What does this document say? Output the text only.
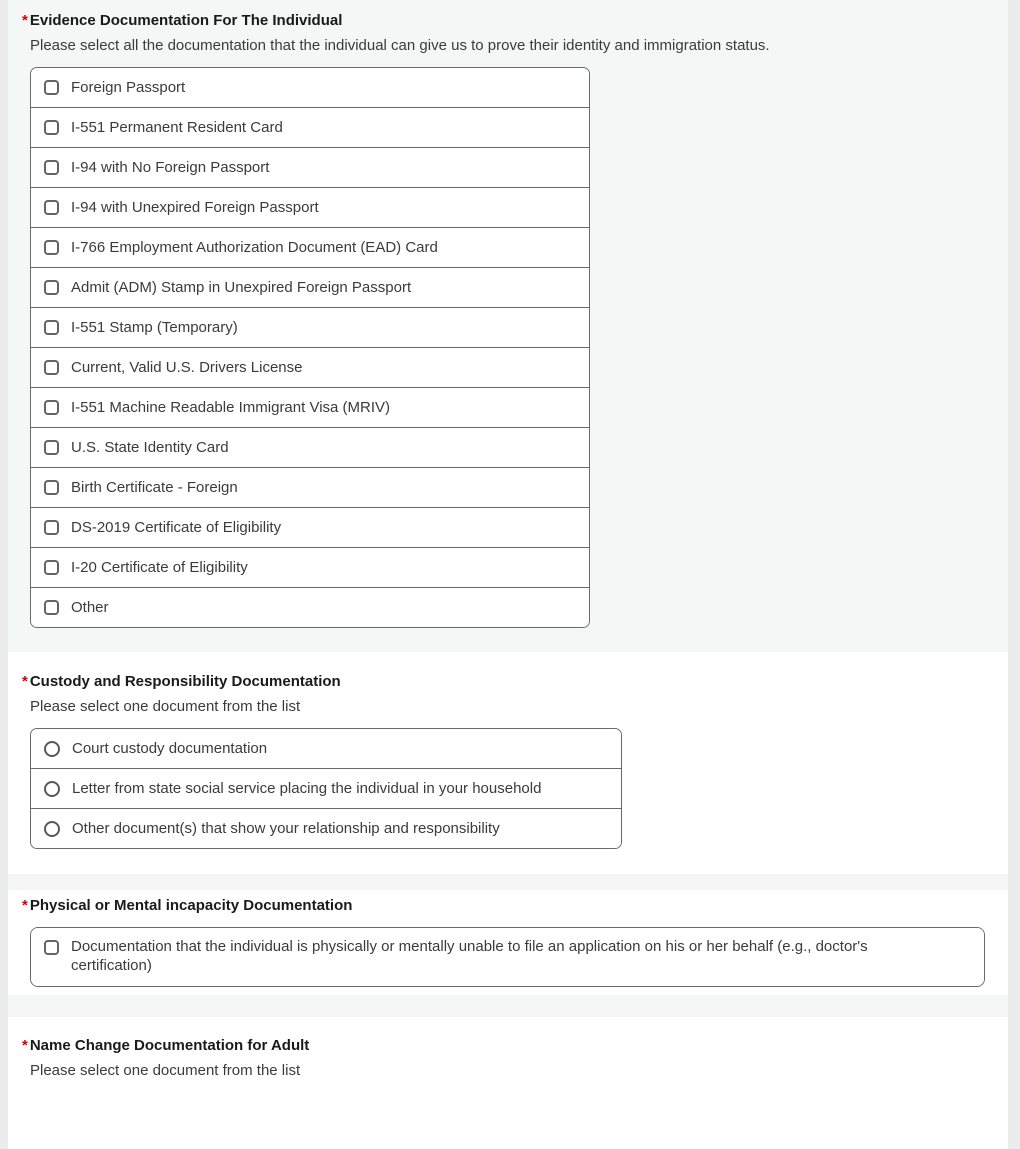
* Evidence Documentation For The Individual

Please select all the documentation that the individual can give us to prove their identity and immigration status.

Foreign Passport
I-551 Permanent Resident Card
I-94 with No Foreign Passport
I-94 with Unexpired Foreign Passport
I-766 Employment Authorization Document (EAD) Card
Admit (ADM) Stamp in Unexpired Foreign Passport
I-551 Stamp (Temporary)
Current, Valid U.S. Drivers License
I-551 Machine Readable Immigrant Visa (MRIV)
U.S. State Identity Card
Birth Certificate - Foreign
DS-2019 Certificate of Eligibility
I-20 Certificate of Eligibility
Other
* Custody and Responsibility Documentation

Please select one document from the list

Court custody documentation
Letter from state social service placing the individual in your household
Other document(s) that show your relationship and responsibility
* Physical or Mental incapacity Documentation
Documentation that the individual is physically or mentally unable to file an application on his or her behalf (e.g., doctor's certification)
* Name Change Documentation for Adult

Please select one document from the list
